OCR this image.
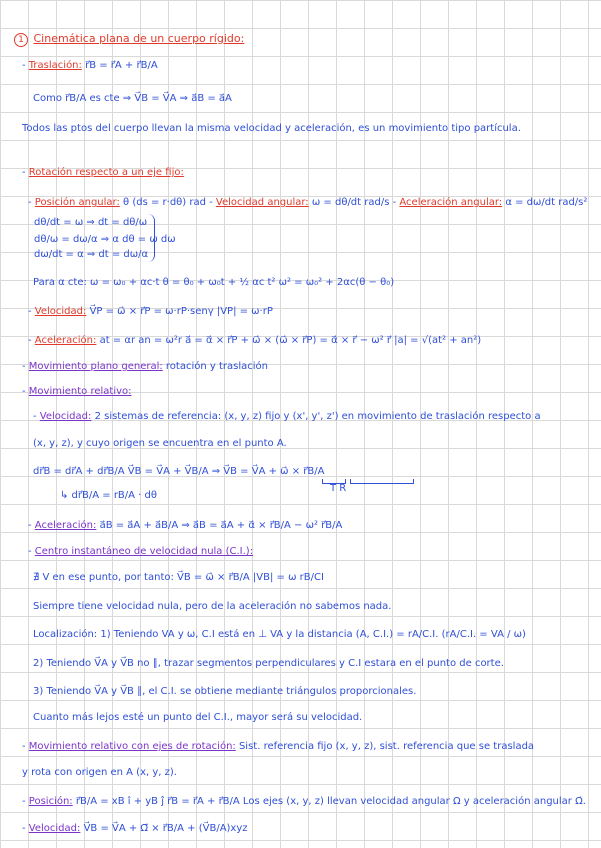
1 Cinemática plana de un cuerpo rígido:
- Traslación: r⃗B = r⃗A + r⃗B/A
Como r⃗B/A es cte ⇒ V⃗B = V⃗A ⇒ a⃗B = a⃗A
Todos las ptos del cuerpo llevan la misma velocidad y aceleración, es un movimiento tipo partícula.
- Rotación respecto a un eje fijo:
- Posición angular: θ (ds = r·dθ) rad - Velocidad angular: ω = dθ/dt rad/s - Aceleración angular: α = dω/dt rad/s²
dθ/dt = ω ⇒ dt = dθ/ω
dθ/ω = dω/α ⇒ α dθ = ω dω
dω/dt = α ⇒ dt = dω/α
Para α cte: ω = ω₀ + αc·t θ = θ₀ + ω₀t + ½ αc t² ω² = ω₀² + 2αc(θ − θ₀)
- Velocidad: V⃗P = ω⃗ × r⃗P = ω·rP·senγ |VP| = ω·rP
- Aceleración: at = αr an = ω²r a⃗ = α⃗ × r⃗P + ω⃗ × (ω⃗ × r⃗P) = α⃗ × r⃗ − ω² r⃗ |a| = √(at² + an²)
- Movimiento plano general: rotación y traslación
- Movimiento relativo:
- Velocidad: 2 sistemas de referencia: (x, y, z) fijo y (x', y', z') en movimiento de traslación respecto a
(x, y, z), y cuyo origen se encuentra en el punto A.
dr⃗B = dr⃗A + dr⃗B/A V⃗B = V⃗A + V⃗B/A ⇒ V⃗B = V⃗A + ω⃗ × r⃗B/A
T R
↳ dr⃗B/A = rB/A · dθ
- Aceleración: a⃗B = a⃗A + a⃗B/A ⇒ a⃗B = a⃗A + α⃗ × r⃗B/A − ω² r⃗B/A
- Centro instantáneo de velocidad nula (C.I.):
∄ V en ese punto, por tanto: V⃗B = ω⃗ × r⃗B/A |VB| = ω rB/CI
Siempre tiene velocidad nula, pero de la aceleración no sabemos nada.
Localización: 1) Teniendo VA y ω, C.I está en ⊥ VA y la distancia (A, C.I.) = rA/C.I. (rA/C.I. = VA / ω)
2) Teniendo V⃗A y V⃗B no ∥, trazar segmentos perpendiculares y C.I estara en el punto de corte.
3) Teniendo V⃗A y V⃗B ∥, el C.I. se obtiene mediante triángulos proporcionales.
Cuanto más lejos esté un punto del C.I., mayor será su velocidad.
- Movimiento relativo con ejes de rotación: Sist. referencia fijo (x, y, z), sist. referencia que se traslada
y rota con origen en A (x, y, z).
- Posición: r⃗B/A = xB î + yB ĵ r⃗B = r⃗A + r⃗B/A Los ejes (x, y, z) llevan velocidad angular Ω y aceleración angular Ω̇.
- Velocidad: V⃗B = V⃗A + Ω⃗ × r⃗B/A + (V⃗B/A)xyz
